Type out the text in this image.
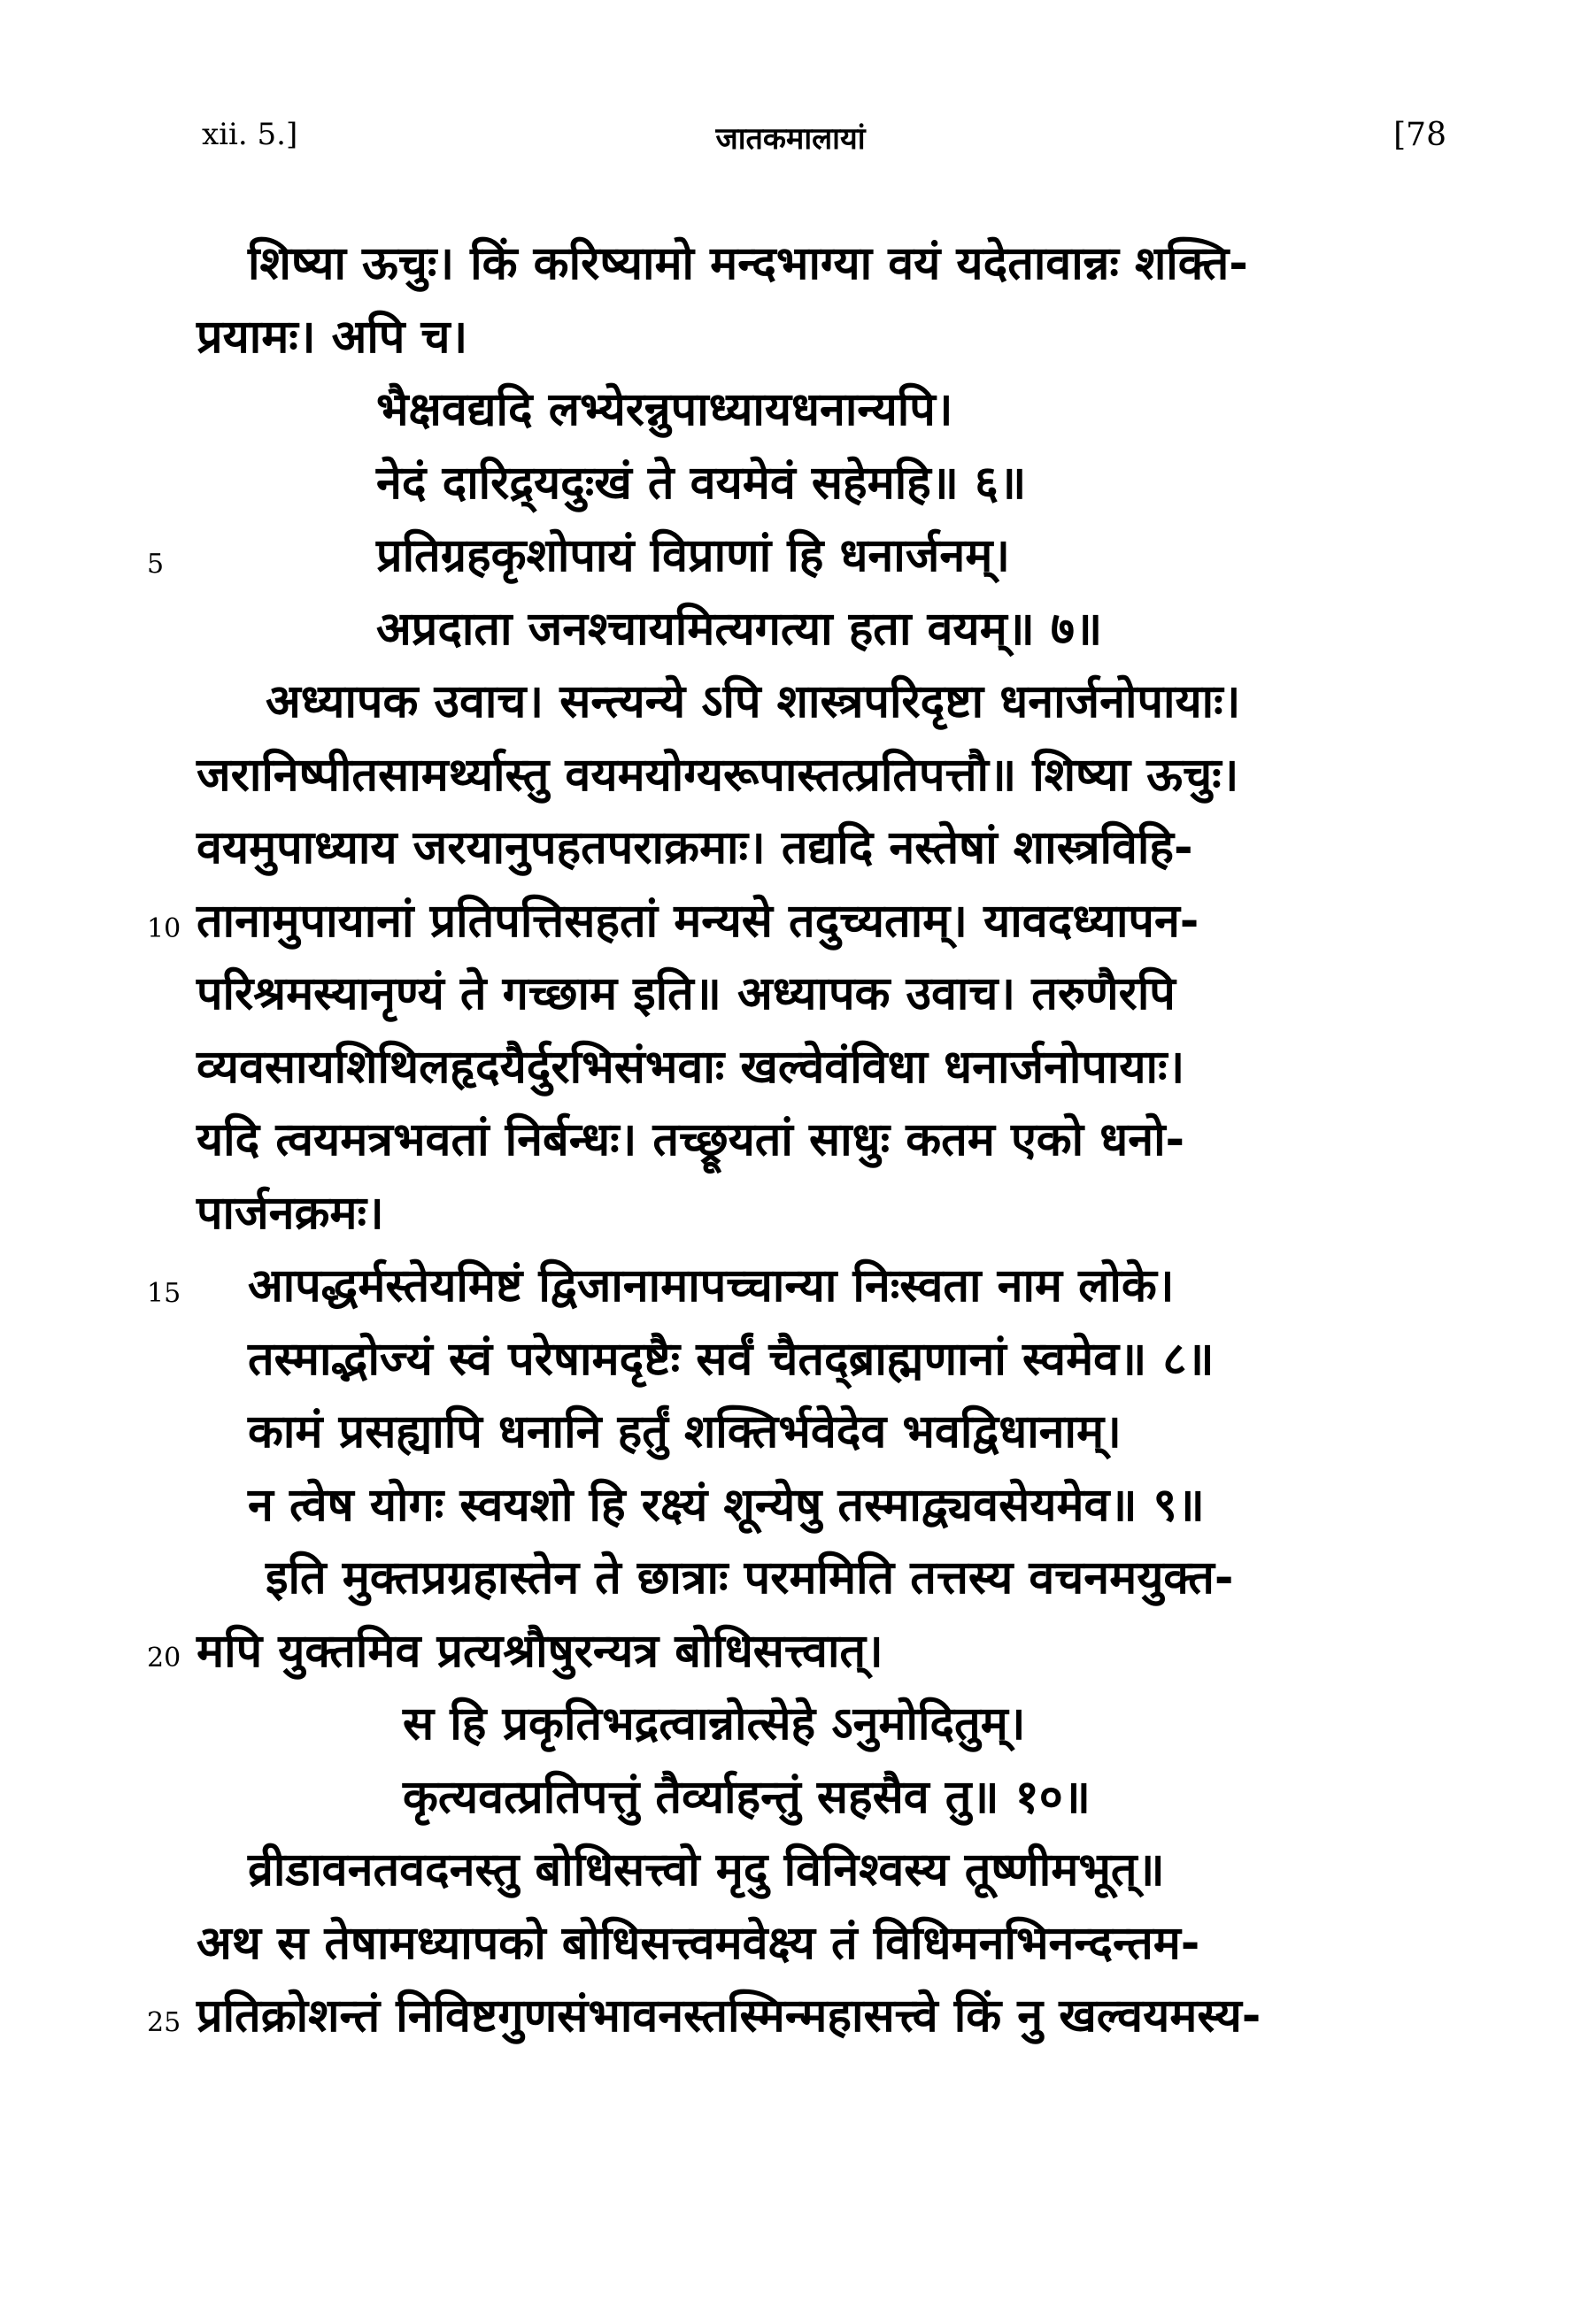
xii. 5.]	जातकमालायां	[78
5
10
15
20
25
शिष्या ऊचुः। किं करिष्यामो मन्दभाग्या वयं यदेतावान्नः शक्ति-
प्रयामः। अपि च।
भैक्षवद्यदि लभ्येरन्नुपाध्यायधनान्यपि।
नेदं दारिद्र्यदुःखं ते वयमेवं सहेमहि॥ ६॥
प्रतिग्रहकृशोपायं विप्राणां हि धनार्जनम्।
अप्रदाता जनश्चायमित्यगत्या हता वयम्॥ ७॥
अध्यापक उवाच। सन्त्यन्ये ऽपि शास्त्रपरिदृष्टा धनार्जनोपायाः।
जरानिष्पीतसामर्थ्यास्तु वयमयोग्यरूपास्तत्प्रतिपत्तौ॥ शिष्या ऊचुः।
वयमुपाध्याय जरयानुपहतपराक्रमाः। तद्यदि नस्तेषां शास्त्रविहि-
तानामुपायानां प्रतिपत्तिसहतां मन्यसे तदुच्यताम्। यावदध्यापन-
परिश्रमस्यानृण्यं ते गच्छाम इति॥ अध्यापक उवाच। तरुणैरपि
व्यवसायशिथिलहृदयैर्दुरभिसंभवाः खल्वेवंविधा धनार्जनोपायाः।
यदि त्वयमत्रभवतां निर्बन्धः। तच्छ्रूयतां साधुः कतम एको धनो-
पार्जनक्रमः।
आपद्धर्मस्तेयमिष्टं द्विजानामापच्चान्या निःस्वता नाम लोके।
तस्माद्भोज्यं स्वं परेषामदृष्टैः सर्वं चैतद्ब्राह्मणानां स्वमेव॥ ८॥
कामं प्रसह्यापि धनानि हर्तुं शक्तिर्भवेदेव भवद्विधानाम्।
न त्वेष योगः स्वयशो हि रक्ष्यं शून्येषु तस्माद्व्यवसेयमेव॥ ९॥
इति मुक्तप्रग्रहास्तेन ते छात्राः परममिति तत्तस्य वचनमयुक्त-
मपि युक्तमिव प्रत्यश्रौषुरन्यत्र बोधिसत्त्वात्।
स हि प्रकृतिभद्रत्वान्नोत्सेहे ऽनुमोदितुम्।
कृत्यवत्प्रतिपत्तुं तैर्व्याहन्तुं सहसैव तु॥ १०॥
व्रीडावनतवदनस्तु बोधिसत्त्वो मृदु विनिश्वस्य तूष्णीमभूत्॥
अथ स तेषामध्यापको बोधिसत्त्वमवेक्ष्य तं विधिमनभिनन्दन्तम-
प्रतिक्रोशन्तं निविष्टगुणसंभावनस्तस्मिन्महासत्त्वे किं नु खल्वयमस्य-
